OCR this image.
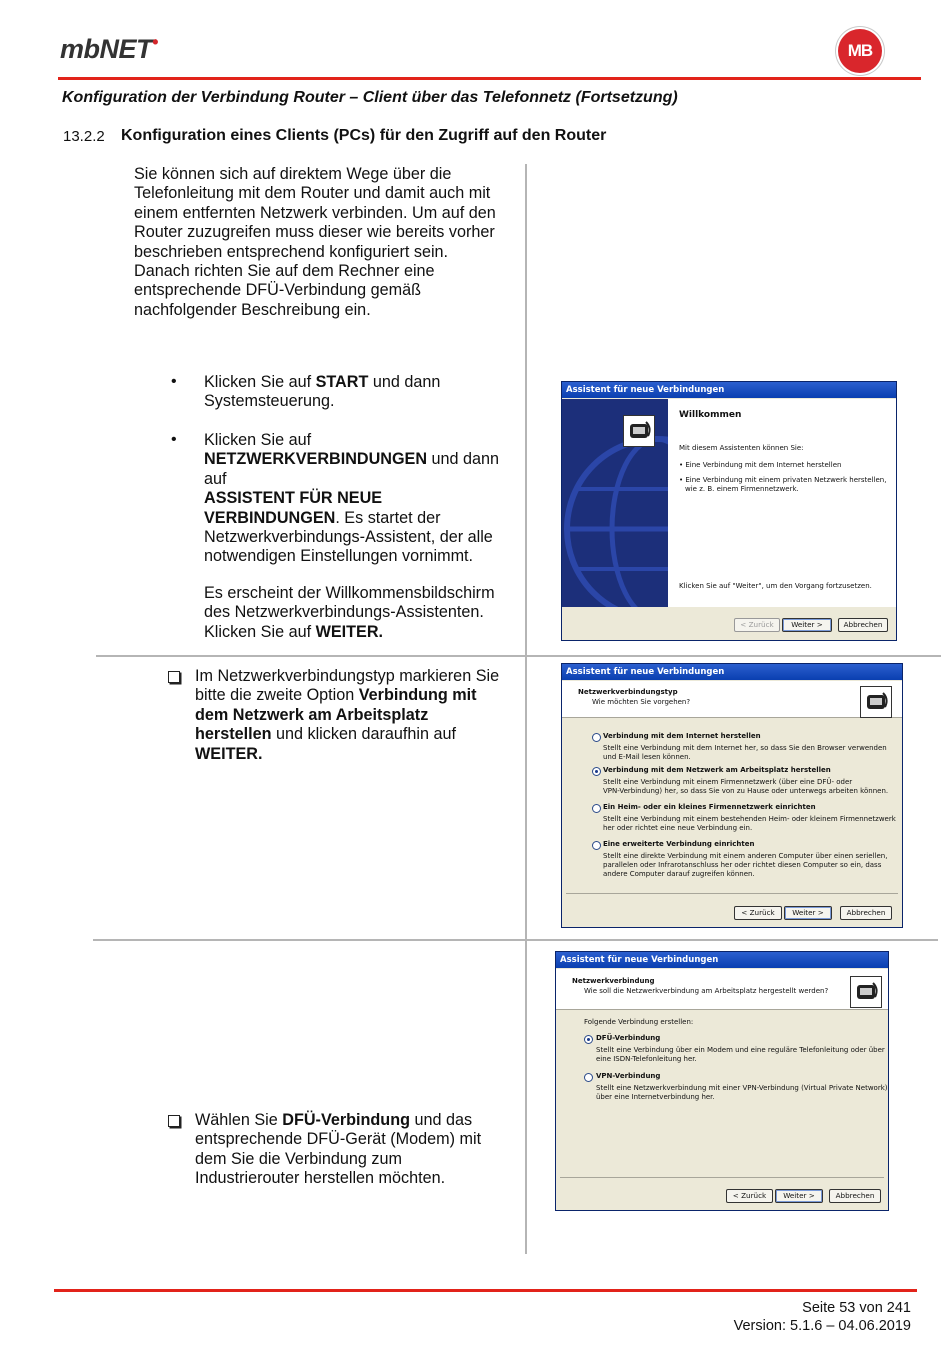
mbNET•	MB
Konfiguration der Verbindung Router – Client über das Telefonnetz (Fortsetzung)
13.2.2 Konfiguration eines Clients (PCs) für den Zugriff auf den Router
Sie können sich auf direktem Wege über die
Telefonleitung mit dem Router und damit auch mit
einem entfernten Netzwerk verbinden. Um auf den
Router zuzugreifen muss dieser wie bereits vorher
beschrieben entsprechend konfiguriert sein.
Danach richten Sie auf dem Rechner eine
entsprechende DFÜ-Verbindung gemäß
nachfolgender Beschreibung ein.
• Klicken Sie auf START und dann
Systemsteuerung.
• Klicken Sie auf
NETZWERKVERBINDUNGEN und dann
auf
ASSISTENT FÜR NEUE
VERBINDUNGEN. Es startet der
Netzwerkverbindungs-Assistent, der alle
notwendigen Einstellungen vornimmt.
Es erscheint der Willkommensbildschirm
des Netzwerkverbindungs-Assistenten.
Klicken Sie auf WEITER.
Im Netzwerkverbindungstyp markieren Sie
bitte die zweite Option Verbindung mit
dem Netzwerk am Arbeitsplatz
herstellen und klicken daraufhin auf
WEITER.
Wählen Sie DFÜ-Verbindung und das
entsprechende DFÜ-Gerät (Modem) mit
dem Sie die Verbindung zum
Industrierouter herstellen möchten.
Assistent für neue Verbindungen
Willkommen
Mit diesem Assistenten können Sie:
• Eine Verbindung mit dem Internet herstellen
• Eine Verbindung mit einem privaten Netzwerk herstellen,
wie z. B. einem Firmennetzwerk.
Klicken Sie auf "Weiter", um den Vorgang fortzusetzen.
< Zurück	Weiter >	Abbrechen
Assistent für neue Verbindungen
Netzwerkverbindungstyp
Wie möchten Sie vorgehen?
Verbindung mit dem Internet herstellen
Stellt eine Verbindung mit dem Internet her, so dass Sie den Browser verwenden
und E-Mail lesen können.
Verbindung mit dem Netzwerk am Arbeitsplatz herstellen
Stellt eine Verbindung mit einem Firmennetzwerk (über eine DFÜ- oder
VPN-Verbindung) her, so dass Sie von zu Hause oder unterwegs arbeiten können.
Ein Heim- oder ein kleines Firmennetzwerk einrichten
Stellt eine Verbindung mit einem bestehenden Heim- oder kleinem Firmennetzwerk
her oder richtet eine neue Verbindung ein.
Eine erweiterte Verbindung einrichten
Stellt eine direkte Verbindung mit einem anderen Computer über einen seriellen,
parallelen oder Infrarotanschluss her oder richtet diesen Computer so ein, dass
andere Computer darauf zugreifen können.
< Zurück	Weiter >	Abbrechen
Assistent für neue Verbindungen
Netzwerkverbindung
Wie soll die Netzwerkverbindung am Arbeitsplatz hergestellt werden?
Folgende Verbindung erstellen:
DFÜ-Verbindung
Stellt eine Verbindung über ein Modem und eine reguläre Telefonleitung oder über
eine ISDN-Telefonleitung her.
VPN-Verbindung
Stellt eine Netzwerkverbindung mit einer VPN-Verbindung (Virtual Private Network)
über eine Internetverbindung her.
< Zurück	Weiter >	Abbrechen
Seite 53 von 241
Version: 5.1.6 – 04.06.2019
